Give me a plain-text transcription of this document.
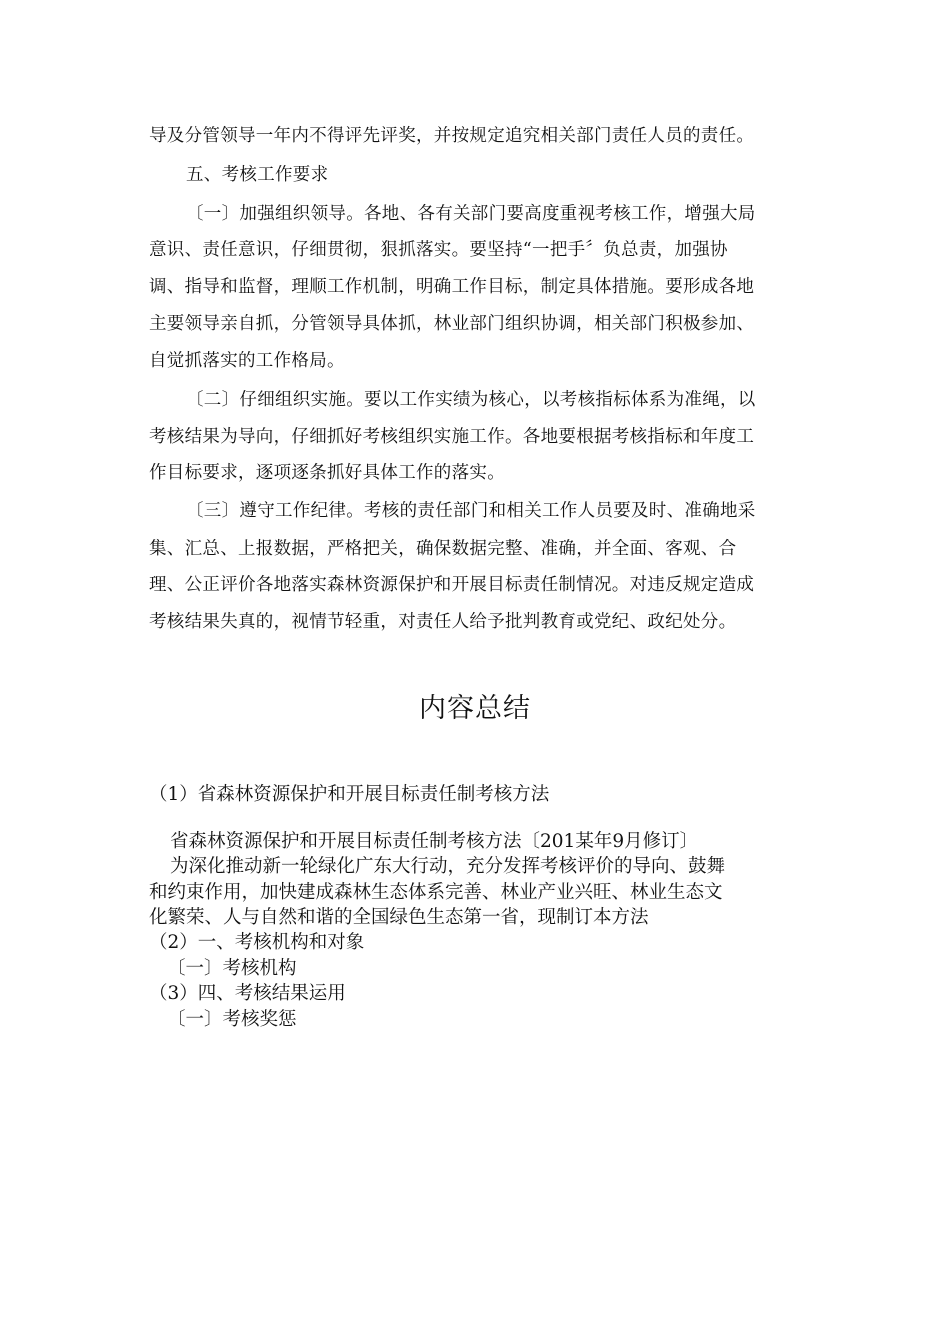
导及分管领导一年内不得评先评奖，并按规定追究相关部门责任人员的责任。
五、考核工作要求
〔一〕加强组织领导。各地、各有关部门要高度重视考核工作，增强大局
意识、责任意识，仔细贯彻，狠抓落实。要坚持“一把手〞负总责，加强协
调、指导和监督，理顺工作机制，明确工作目标，制定具体措施。要形成各地
主要领导亲自抓，分管领导具体抓，林业部门组织协调，相关部门积极参加、
自觉抓落实的工作格局。
〔二〕仔细组织实施。要以工作实绩为核心，以考核指标体系为准绳，以
考核结果为导向，仔细抓好考核组织实施工作。各地要根据考核指标和年度工
作目标要求，逐项逐条抓好具体工作的落实。
〔三〕遵守工作纪律。考核的责任部门和相关工作人员要及时、准确地采
集、汇总、上报数据，严格把关，确保数据完整、准确，并全面、客观、合
理、公正评价各地落实森林资源保护和开展目标责任制情况。对违反规定造成
考核结果失真的，视情节轻重，对责任人给予批判教育或党纪、政纪处分。
内容总结
（1）省森林资源保护和开展目标责任制考核方法
省森林资源保护和开展目标责任制考核方法〔201某年9月修订〕
为深化推动新一轮绿化广东大行动，充分发挥考核评价的导向、鼓舞
和约束作用，加快建成森林生态体系完善、林业产业兴旺、林业生态文
化繁荣、人与自然和谐的全国绿色生态第一省，现制订本方法
（2）一、考核机构和对象
〔一〕考核机构
（3）四、考核结果运用
〔一〕考核奖惩
